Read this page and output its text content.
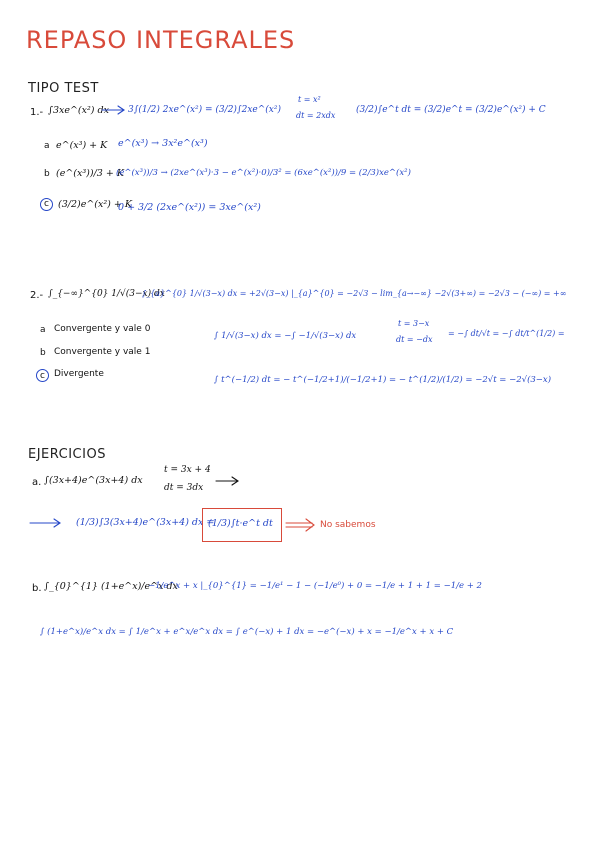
REPASO INTEGRALES
TIPO TEST
1.- ∫3xe^(x²) dx 3∫(1/2) 2xe^(x²) = (3/2)∫2xe^(x²)
t = x²
dt = 2xdx
(3/2)∫e^t dt = (3/2)e^t = (3/2)e^(x²) + C
a e^(x³) + K e^(x³) → 3x²e^(x³)
b (e^(x³))/3 + K
(e^(x³))/3 → (2xe^(x³)·3 − e^(x²)·0)/3² = (6xe^(x²))/9 = (2/3)xe^(x²)
c (3/2)e^(x²) + K
0 + 3/2 (2xe^(x²)) = 3xe^(x²)
2.- ∫_{−∞}^{0} 1/√(3−x) dx
∫_{a}^{0} 1/√(3−x) dx = +2√(3−x) |_{a}^{0} = −2√3 − lim_{a→−∞} −2√(3+∞) = −2√3 − (−∞) = +∞
a Convergente y vale 0
b Convergente y vale 1
c Divergente
∫ 1/√(3−x) dx = −∫ −1/√(3−x) dx
t = 3−x
dt = −dx
= −∫ dt/√t = −∫ dt/t^(1/2) =
∫ t^(−1/2) dt = − t^(−1/2+1)/(−1/2+1) = − t^(1/2)/(1/2) = −2√t = −2√(3−x)
EJERCICIOS
a. ∫(3x+4)e^(3x+4) dx
t = 3x + 4
dt = 3dx
(1/3)∫3(3x+4)e^(3x+4) dx =
(1/3)∫t·e^t dt	No sabemos
b. ∫_{0}^{1} (1+e^x)/e^x dx
−1/e^x + x |_{0}^{1} = −1/e¹ − 1 − (−1/e⁰) + 0 = −1/e + 1 + 1 = −1/e + 2
∫ (1+e^x)/e^x dx = ∫ 1/e^x + e^x/e^x dx = ∫ e^(−x) + 1 dx = −e^(−x) + x = −1/e^x + x + C
